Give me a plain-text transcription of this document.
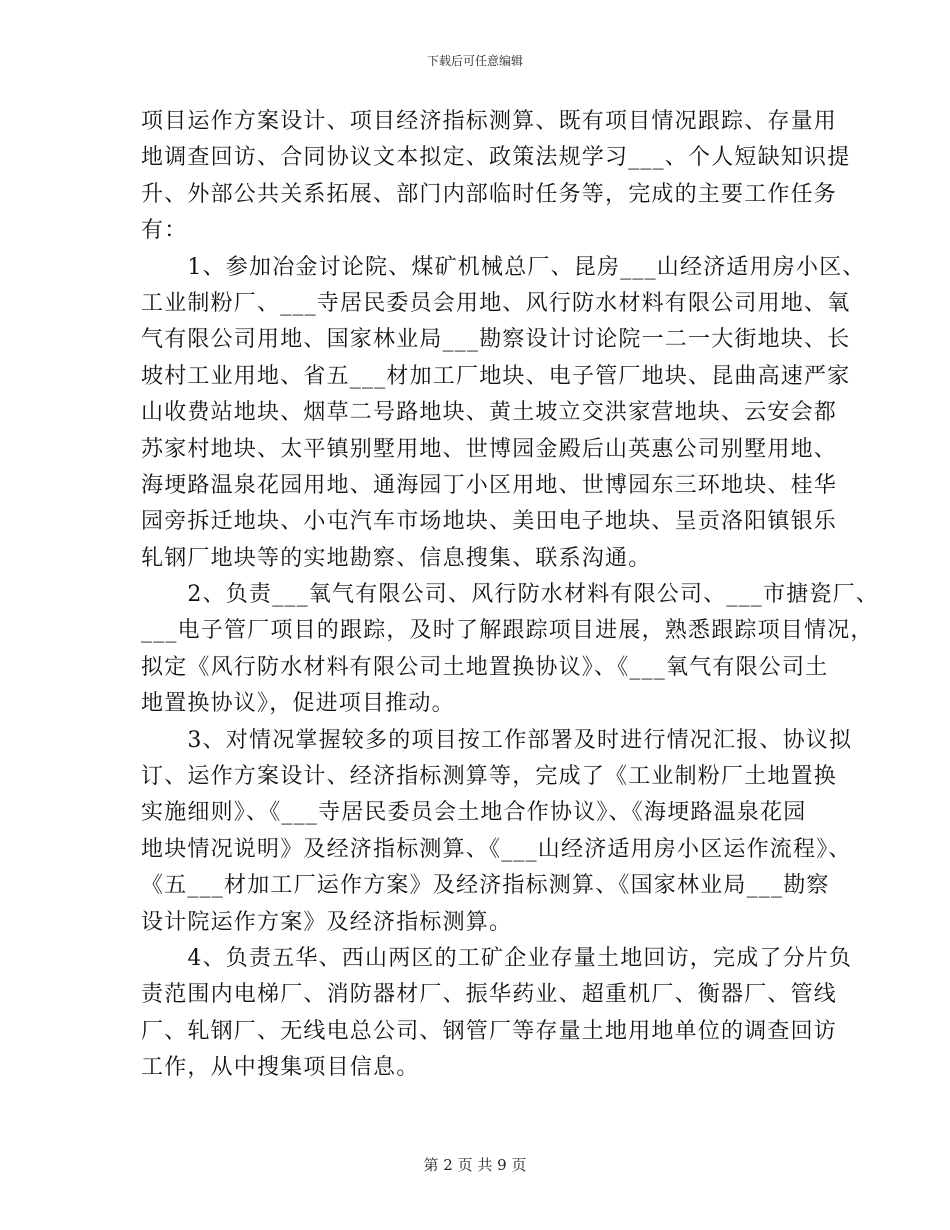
下载后可任意编辑
项目运作方案设计、项目经济指标测算、既有项目情况跟踪、存量用
地调查回访、合同协议文本拟定、政策法规学习___、个人短缺知识提
升、外部公共关系拓展、部门内部临时任务等，完成的主要工作任务
有：
　　1、参加冶金讨论院、煤矿机械总厂、昆房___山经济适用房小区、
工业制粉厂、___寺居民委员会用地、风行防水材料有限公司用地、氧
气有限公司用地、国家林业局___勘察设计讨论院一二一大街地块、长
坡村工业用地、省五___材加工厂地块、电子管厂地块、昆曲高速严家
山收费站地块、烟草二号路地块、黄土坡立交洪家营地块、云安会都
苏家村地块、太平镇别墅用地、世博园金殿后山英惠公司别墅用地、
海埂路温泉花园用地、通海园丁小区用地、世博园东三环地块、桂华
园旁拆迁地块、小屯汽车市场地块、美田电子地块、呈贡洛阳镇银乐
轧钢厂地块等的实地勘察、信息搜集、联系沟通。
　　2、负责___氧气有限公司、风行防水材料有限公司、___市搪瓷厂、
___电子管厂项目的跟踪，及时了解跟踪项目进展，熟悉跟踪项目情况，
拟定《风行防水材料有限公司土地置换协议》、《___氧气有限公司土
地置换协议》，促进项目推动。
　　3、对情况掌握较多的项目按工作部署及时进行情况汇报、协议拟
订、运作方案设计、经济指标测算等，完成了《工业制粉厂土地置换
实施细则》、《___寺居民委员会土地合作协议》、《海埂路温泉花园
地块情况说明》及经济指标测算、《___山经济适用房小区运作流程》、
《五___材加工厂运作方案》及经济指标测算、《国家林业局___勘察
设计院运作方案》及经济指标测算。
　　4、负责五华、西山两区的工矿企业存量土地回访，完成了分片负
责范围内电梯厂、消防器材厂、振华药业、超重机厂、衡器厂、管线
厂、轧钢厂、无线电总公司、钢管厂等存量土地用地单位的调查回访
工作，从中搜集项目信息。
第 2 页 共 9 页
